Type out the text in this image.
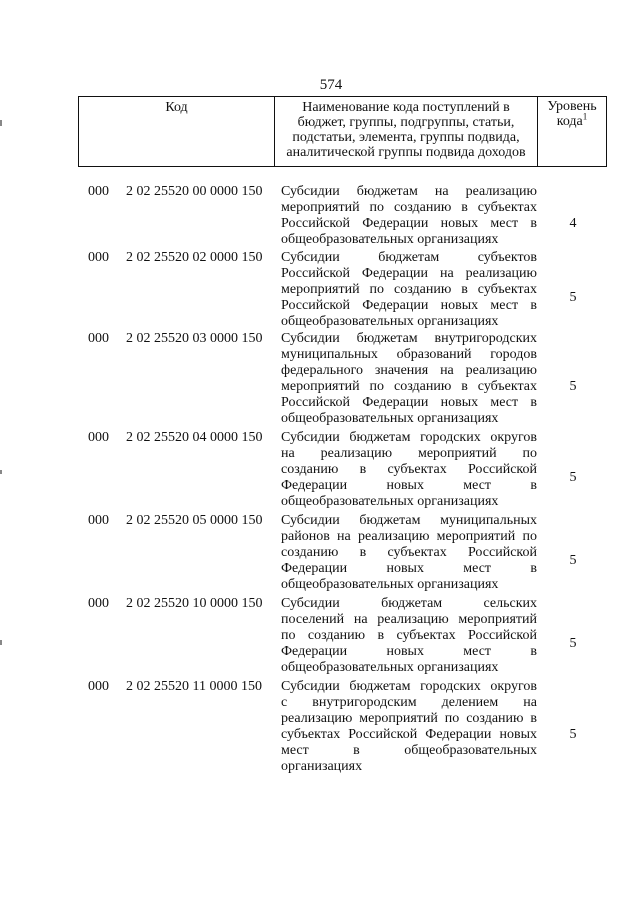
574
Код	Наименование кода поступлений в
бюджет, группы, подгруппы, статьи,
подстатьи, элемента, группы подвида,
аналитической группы подвида доходов
Уровень
кода$^1$
000 2 02 25520 00 0000 150 Субсидии бюджетам на реализацию
мероприятий по созданию в субъектах
Российской Федерации новых мест в
общеобразовательных организациях
4
000 2 02 25520 02 0000 150 Субсидии бюджетам субъектов
Российской Федерации на реализацию
мероприятий по созданию в субъектах
Российской Федерации новых мест в
общеобразовательных организациях
5
000 2 02 25520 03 0000 150 Субсидии бюджетам внутригородских
муниципальных образований городов
федерального значения на реализацию
мероприятий по созданию в субъектах
Российской Федерации новых мест в
общеобразовательных организациях
5
000 2 02 25520 04 0000 150 Субсидии бюджетам городских округов
на реализацию мероприятий по
созданию в субъектах Российской
Федерации новых мест в
общеобразовательных организациях
5
000 2 02 25520 05 0000 150 Субсидии бюджетам муниципальных
районов на реализацию мероприятий по
созданию в субъектах Российской
Федерации новых мест в
общеобразовательных организациях
5
000 2 02 25520 10 0000 150 Субсидии бюджетам сельских
поселений на реализацию мероприятий
по созданию в субъектах Российской
Федерации новых мест в
общеобразовательных организациях
5
000 2 02 25520 11 0000 150 Субсидии бюджетам городских округов
с внутригородским делением на
реализацию мероприятий по созданию в
субъектах Российской Федерации новых
мест в общеобразовательных
организациях
5
